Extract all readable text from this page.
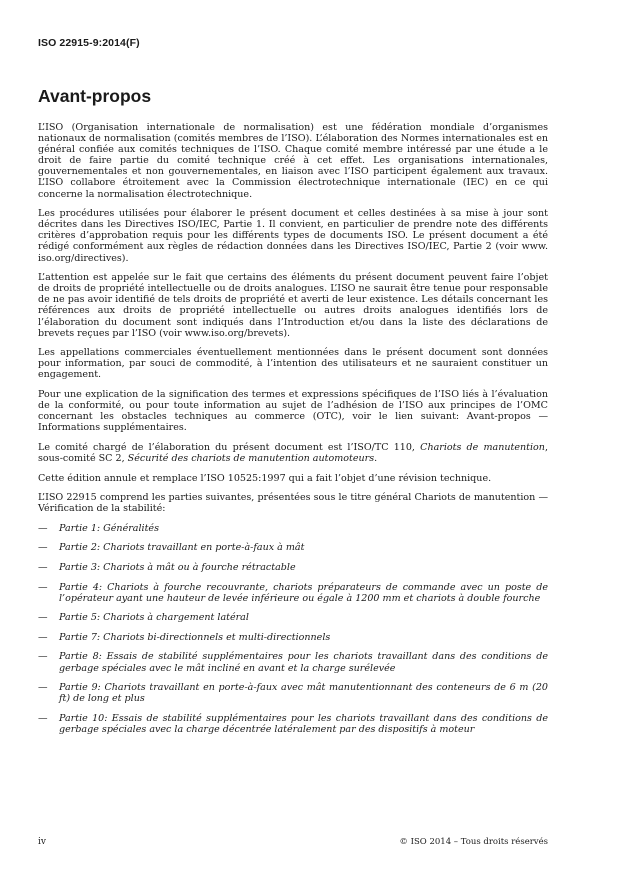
ISO 22915-9:2014(F)
Avant-propos

L’ISO (Organisation internationale de normalisation) est une fédération mondiale d’organismes nationaux de normalisation (comités membres de l’ISO). L’élaboration des Normes internationales est en général confiée aux comités techniques de l’ISO. Chaque comité membre intéressé par une étude a le droit de faire partie du comité technique créé à cet effet. Les organisations internationales, gouvernementales et non gouvernementales, en liaison avec l’ISO participent également aux travaux. L’ISO collabore étroitement avec la Commission électrotechnique internationale (IEC) en ce qui concerne la normalisation électrotechnique.

Les procédures utilisées pour élaborer le présent document et celles destinées à sa mise à jour sont décrites dans les Directives ISO/IEC, Partie 1. Il convient, en particulier de prendre note des différents critères d’approbation requis pour les différents types de documents ISO. Le présent document a été rédigé conformément aux règles de rédaction données dans les Directives ISO/IEC, Partie 2 (voir www. iso.org/directives).

L’attention est appelée sur le fait que certains des éléments du présent document peuvent faire l’objet de droits de propriété intellectuelle ou de droits analogues. L’ISO ne saurait être tenue pour responsable de ne pas avoir identifié de tels droits de propriété et averti de leur existence. Les détails concernant les références aux droits de propriété intellectuelle ou autres droits analogues identifiés lors de l’élaboration du document sont indiqués dans l’Introduction et/ou dans la liste des déclarations de brevets reçues par l’ISO (voir www.iso.org/brevets).

Les appellations commerciales éventuellement mentionnées dans le présent document sont données pour information, par souci de commodité, à l’intention des utilisateurs et ne sauraient constituer un engagement.

Pour une explication de la signification des termes et expressions spécifiques de l’ISO liés à l’évaluation de la conformité, ou pour toute information au sujet de l’adhésion de l’ISO aux principes de l’OMC concernant les obstacles techniques au commerce (OTC), voir le lien suivant: Avant-propos — Informations supplémentaires.

Le comité chargé de l’élaboration du présent document est l’ISO/TC 110, Chariots de manutention, sous-comité SC 2, Sécurité des chariots de manutention automoteurs.

Cette édition annule et remplace l’ISO 10525:1997 qui a fait l’objet d’une révision technique.

L’ISO 22915 comprend les parties suivantes, présentées sous le titre général Chariots de manutention — Vérification de la stabilité:

— Partie 1: Généralités
— Partie 2: Chariots travaillant en porte-à-faux à mât
— Partie 3: Chariots à mât ou à fourche rétractable
— Partie 4: Chariots à fourche recouvrante, chariots préparateurs de commande avec un poste de l’opérateur ayant une hauteur de levée inférieure ou égale à 1200 mm et chariots à double fourche
— Partie 5: Chariots à chargement latéral
— Partie 7: Chariots bi-directionnels et multi-directionnels
— Partie 8: Essais de stabilité supplémentaires pour les chariots travaillant dans des conditions de gerbage spéciales avec le mât incliné en avant et la charge surélevée
— Partie 9: Chariots travaillant en porte-à-faux avec mât manutentionnant des conteneurs de 6 m (20 ft) de long et plus
— Partie 10: Essais de stabilité supplémentaires pour les chariots travaillant dans des conditions de gerbage spéciales avec la charge décentrée latéralement par des dispositifs à moteur
iv	© ISO 2014 – Tous droits réservés
